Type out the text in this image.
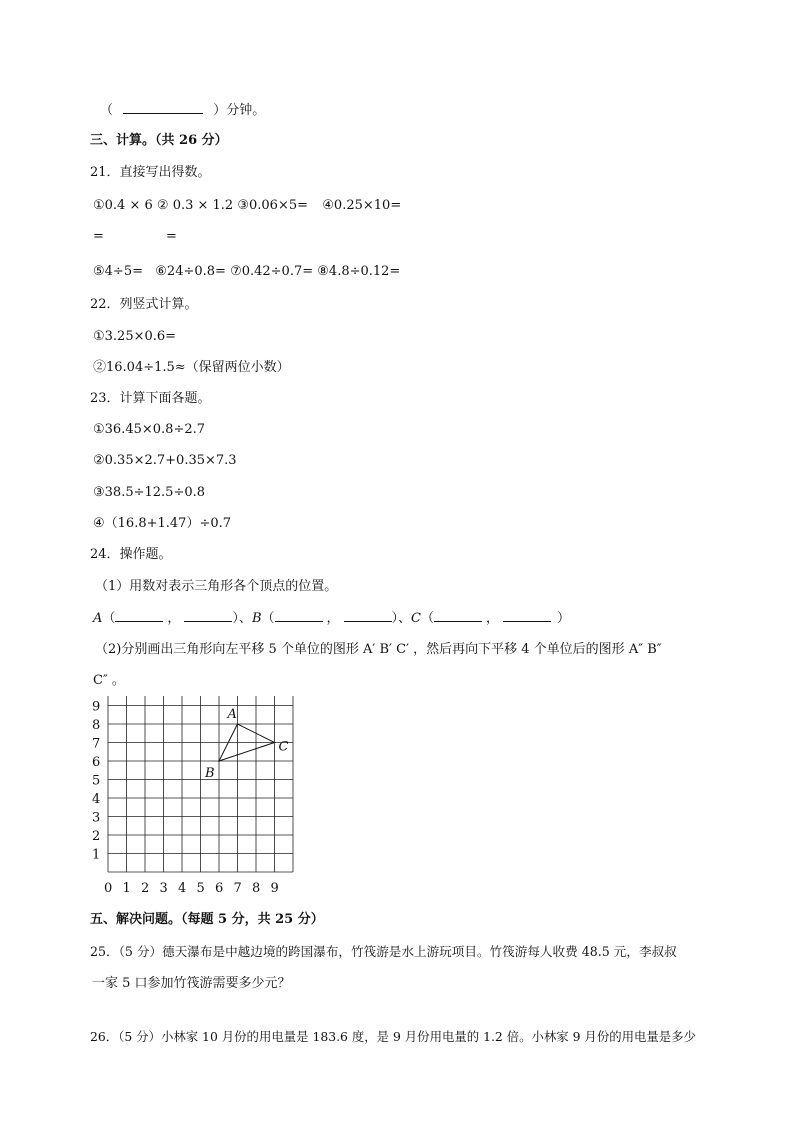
（	）分钟。
三、计算。（共 26 分）
21．直接写出得数。
①0.4 × 6 ② 0.3 × 1.2 ③0.06×5= ④0.25×10=
=	=
⑤4÷5= ⑥24÷0.8= ⑦0.42÷0.7= ⑧4.8÷0.12=
22．列竖式计算。
①3.25×0.6=
②16.04÷1.5≈（保留两位小数）
23．计算下面各题。
①36.45×0.8÷2.7
②0.35×2.7+0.35×7.3
③38.5÷12.5÷0.8
④（16.8+1.47）÷0.7
24．操作题。
（1）用数对表示三角形各个顶点的位置。
A（	，	）、B（	，	）、C（	，	）
（2)分别画出三角形向左平移 5 个单位的图形 A′ B′ C′ ，然后再向下平移 4 个单位后的图形 A″ B″
C″ 。
0 1 2 3 4 5 6 7 8 9
1
2
3
4
5
6
7
8
9	A
B
C
五、解决问题。（每题 5 分，共 25 分）
25．（5 分）德天瀑布是中越边境的跨国瀑布，竹筏游是水上游玩项目。竹筏游每人收费 48.5 元，李叔叔
一家 5 口参加竹筏游需要多少元？
26．（5 分）小林家 10 月份的用电量是 183.6 度，是 9 月份用电量的 1.2 倍。小林家 9 月份的用电量是多少
